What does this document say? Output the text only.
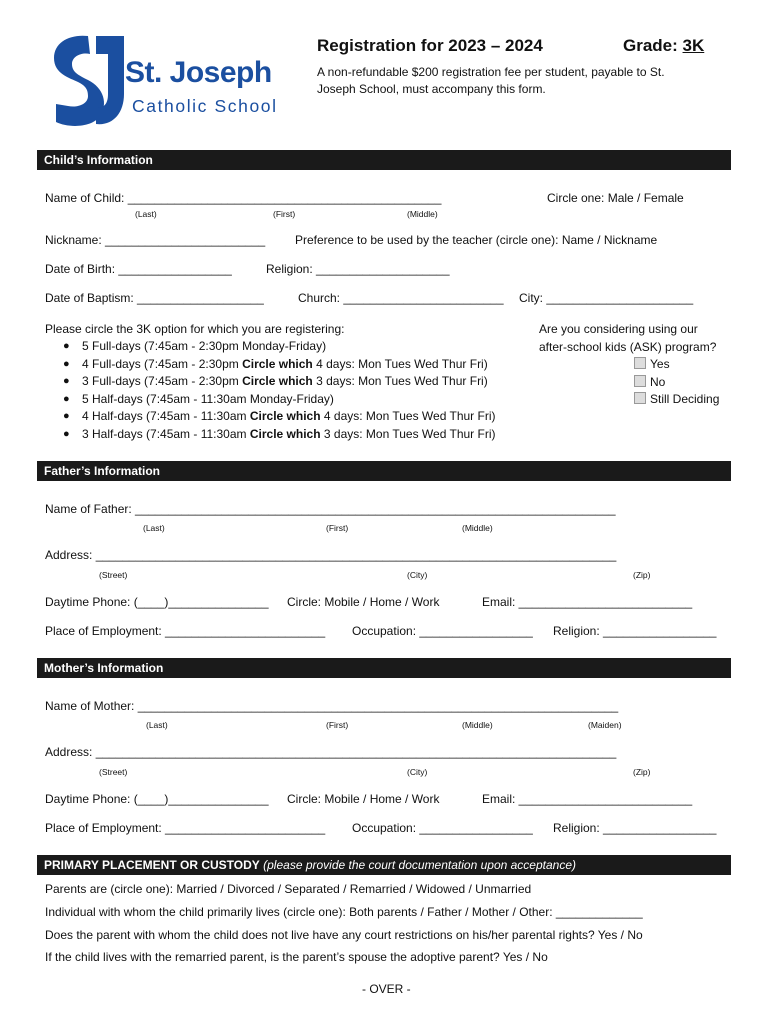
St. Joseph
Catholic School
Registration for 2023 – 2024	Grade: 3K
A non-refundable $200 registration fee per student, payable to St.
Joseph School, must accompany this form.
Child’s Information
Name of Child: _______________________________________________
(Last)	(First)	(Middle)
Circle one: Male / Female
Nickname: ________________________ Preference to be used by the teacher (circle one): Name / Nickname
Date of Birth: _________________	Religion: ____________________
Date of Baptism: ___________________	Church: ________________________ City: ______________________
Please circle the 3K option for which you are registering:
● 5 Full-days (7:45am - 2:30pm Monday-Friday)
● 4 Full-days (7:45am - 2:30pm Circle which 4 days: Mon Tues Wed Thur Fri)
● 3 Full-days (7:45am - 2:30pm Circle which 3 days: Mon Tues Wed Thur Fri)
● 5 Half-days (7:45am - 11:30am Monday-Friday)
● 4 Half-days (7:45am - 11:30am Circle which 4 days: Mon Tues Wed Thur Fri)
● 3 Half-days (7:45am - 11:30am Circle which 3 days: Mon Tues Wed Thur Fri)
Are you considering using our
after-school kids (ASK) program?
Yes
No
Still Deciding
Father’s Information
Name of Father: ________________________________________________________________________
(Last)	(First)	(Middle)
Address: ______________________________________________________________________________
(Street)	(City)	(Zip)
Daytime Phone: (____)_______________ Circle: Mobile / Home / Work	Email: __________________________
Place of Employment: ________________________ Occupation: _________________ Religion: _________________
Mother’s Information
Name of Mother: ________________________________________________________________________
(Last)	(First)	(Middle)	(Maiden)
Address: ______________________________________________________________________________
(Street)	(City)	(Zip)
Daytime Phone: (____)_______________ Circle: Mobile / Home / Work	Email: __________________________
Place of Employment: ________________________ Occupation: _________________ Religion: _________________
PRIMARY PLACEMENT OR CUSTODY (please provide the court documentation upon acceptance)
Parents are (circle one): Married / Divorced / Separated / Remarried / Widowed / Unmarried
Individual with whom the child primarily lives (circle one): Both parents / Father / Mother / Other: _____________
Does the parent with whom the child does not live have any court restrictions on his/her parental rights? Yes / No
If the child lives with the remarried parent, is the parent’s spouse the adoptive parent? Yes / No
- OVER -
